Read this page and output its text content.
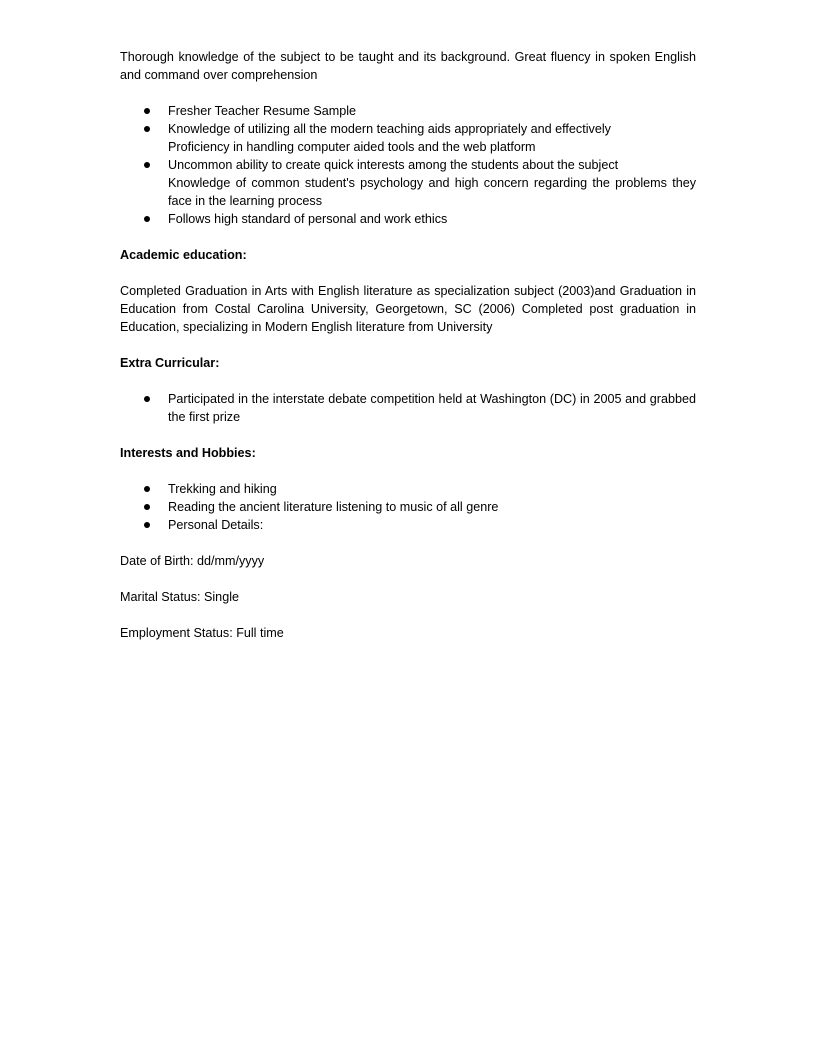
Thorough knowledge of the subject to be taught and its background. Great fluency in spoken English and command over comprehension

Fresher Teacher Resume Sample
Knowledge of utilizing all the modern teaching aids appropriately and effectively
Proficiency in handling computer aided tools and the web platform
Uncommon ability to create quick interests among the students about the subject
Knowledge of common student's psychology and high concern regarding the problems they face in the learning process
Follows high standard of personal and work ethics
Academic education:

Completed Graduation in Arts with English literature as specialization subject (2003)and Graduation in Education from Costal Carolina University, Georgetown, SC (2006) Completed post graduation in Education, specializing in Modern English literature from University

Extra Curricular:
Participated in the interstate debate competition held at Washington (DC) in 2005 and grabbed the first prize
Interests and Hobbies:
Trekking and hiking
Reading the ancient literature listening to music of all genre
Personal Details:

Date of Birth: dd/mm/yyyy

Marital Status: Single

Employment Status: Full time
